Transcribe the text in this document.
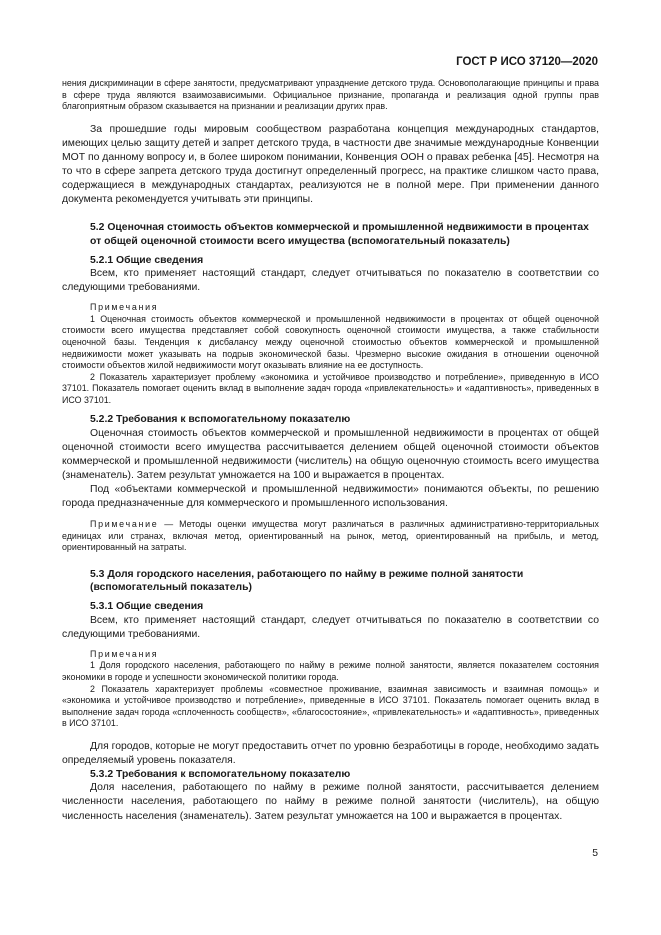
ГОСТ Р ИСО 37120—2020

нения дискриминации в сфере занятости, предусматривают упразднение детского труда. Основополагающие принципы и права в сфере труда являются взаимозависимыми. Официальное признание, пропаганда и реализация одной группы прав благоприятным образом сказывается на признании и реализации других прав.

За прошедшие годы мировым сообществом разработана концепция международных стандартов, имеющих целью защиту детей и запрет детского труда, в частности две значимые международные Конвенции МОТ по данному вопросу и, в более широком понимании, Конвенция ООН о правах ребенка [45]. Несмотря на то что в сфере запрета детского труда достигнут определенный прогресс, на практике слишком часто права, содержащиеся в международных стандартах, реализуются не в полной мере. При применении данного документа рекомендуется учитывать эти принципы.

5.2 Оценочная стоимость объектов коммерческой и промышленной недвижимости в процентах от общей оценочной стоимости всего имущества (вспомогательный показатель)

5.2.1 Общие сведения

Всем, кто применяет настоящий стандарт, следует отчитываться по показателю в соответствии со следующими требованиями.

Примечания

1 Оценочная стоимость объектов коммерческой и промышленной недвижимости в процентах от общей оценочной стоимости всего имущества представляет собой совокупность оценочной стоимости имущества, а также стабильности оценочной базы. Тенденция к дисбалансу между оценочной стоимостью объектов коммерческой и промышленной недвижимости может указывать на подрыв экономической базы. Чрезмерно высокие ожидания в отношении оценочной стоимости объектов жилой недвижимости могут оказывать влияние на ее доступность.

2 Показатель характеризует проблему «экономика и устойчивое производство и потребление», приведенную в ИСО 37101. Показатель помогает оценить вклад в выполнение задач города «привлекательность» и «адаптивность», приведенных в ИСО 37101.

5.2.2 Требования к вспомогательному показателю

Оценочная стоимость объектов коммерческой и промышленной недвижимости в процентах от общей оценочной стоимости всего имущества рассчитывается делением общей оценочной стоимости объектов коммерческой и промышленной недвижимости (числитель) на общую оценочную стоимость всего имущества (знаменатель). Затем результат умножается на 100 и выражается в процентах.

Под «объектами коммерческой и промышленной недвижимости» понимаются объекты, по решению города предназначенные для коммерческого и промышленного использования.

Примечание — Методы оценки имущества могут различаться в различных административно-территориальных единицах или странах, включая метод, ориентированный на рынок, метод, ориентированный на прибыль, и метод, ориентированный на затраты.

5.3 Доля городского населения, работающего по найму в режиме полной занятости (вспомогательный показатель)

5.3.1 Общие сведения

Всем, кто применяет настоящий стандарт, следует отчитываться по показателю в соответствии со следующими требованиями.

Примечания

1 Доля городского населения, работающего по найму в режиме полной занятости, является показателем состояния экономики в городе и успешности экономической политики города.

2 Показатель характеризует проблемы «совместное проживание, взаимная зависимость и взаимная помощь» и «экономика и устойчивое производство и потребление», приведенные в ИСО 37101. Показатель помогает оценить вклад в выполнение задач города «сплоченность сообществ», «благосостояние», «привлекательность» и «адаптивность», приведенных в ИСО 37101.

Для городов, которые не могут предоставить отчет по уровню безработицы в городе, необходимо задать определяемый уровень показателя.

5.3.2 Требования к вспомогательному показателю

Доля населения, работающего по найму в режиме полной занятости, рассчитывается делением численности населения, работающего по найму в режиме полной занятости (числитель), на общую численность населения (знаменатель). Затем результат умножается на 100 и выражается в процентах.

5
